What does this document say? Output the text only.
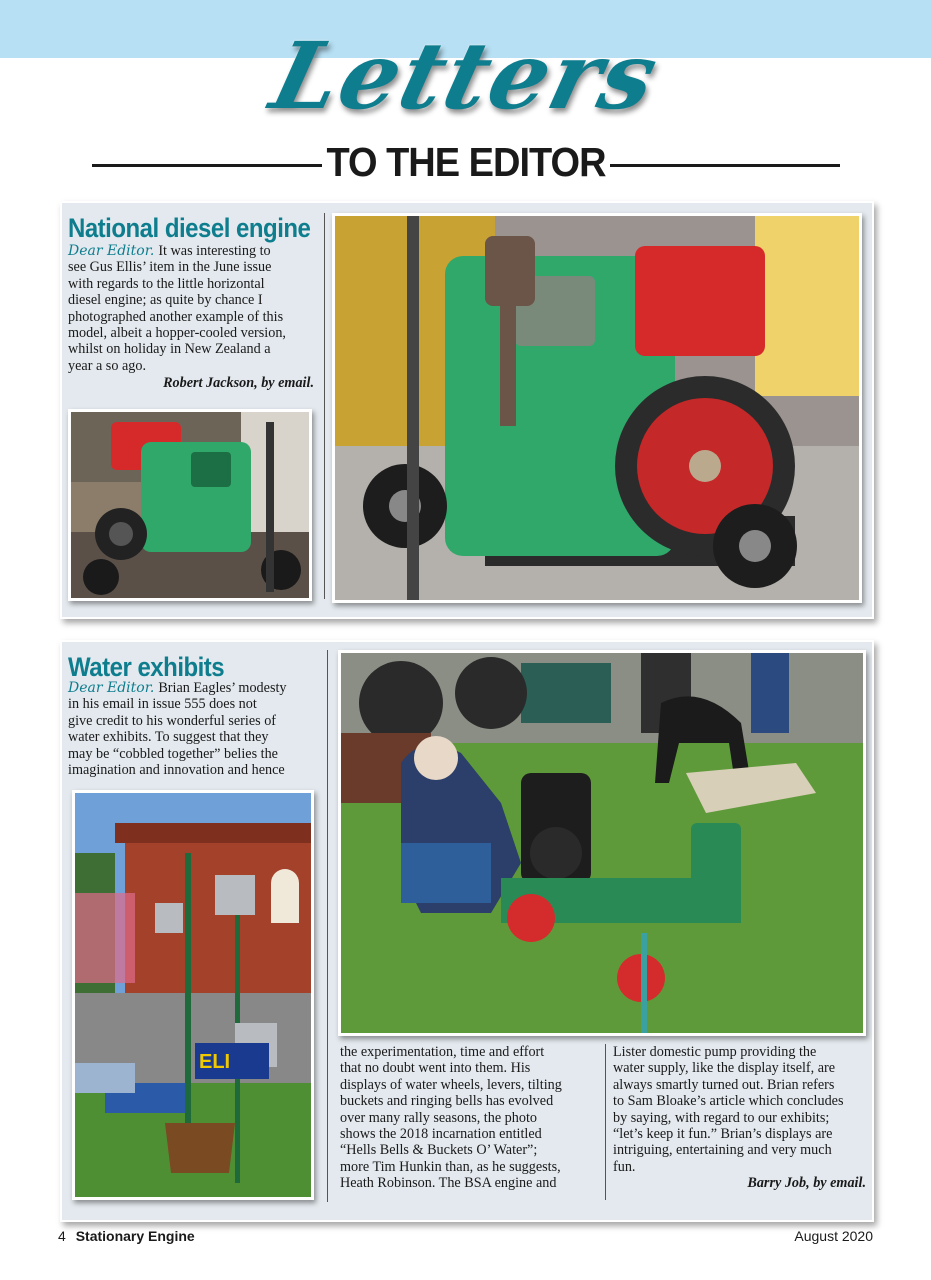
Letters
TO THE EDITOR
National diesel engine
Dear Editor. It was interesting to
see Gus Ellis’ item in the June issue
with regards to the little horizontal
diesel engine; as quite by chance I
photographed another example of this
model, albeit a hopper-cooled version,
whilst on holiday in New Zealand a
year a so ago.
Robert Jackson, by email.
Water exhibits
Dear Editor. Brian Eagles’ modesty
in his email in issue 555 does not
give credit to his wonderful series of
water exhibits. To suggest that they
may be “cobbled together” belies the
imagination and innovation and hence
ELI	the experimentation, time and effort
that no doubt went into them. His
displays of water wheels, levers, tilting
buckets and ringing bells has evolved
over many rally seasons, the photo
shows the 2018 incarnation entitled
“Hells Bells & Buckets O’ Water”;
more Tim Hunkin than, as he suggests,
Heath Robinson. The BSA engine and
Lister domestic pump providing the
water supply, like the display itself, are
always smartly turned out. Brian refers
to Sam Bloake’s article which concludes
by saying, with regard to our exhibits;
“let’s keep it fun.” Brian’s displays are
intriguing, entertaining and very much
fun.
Barry Job, by email.
4 Stationary Engine	August 2020
